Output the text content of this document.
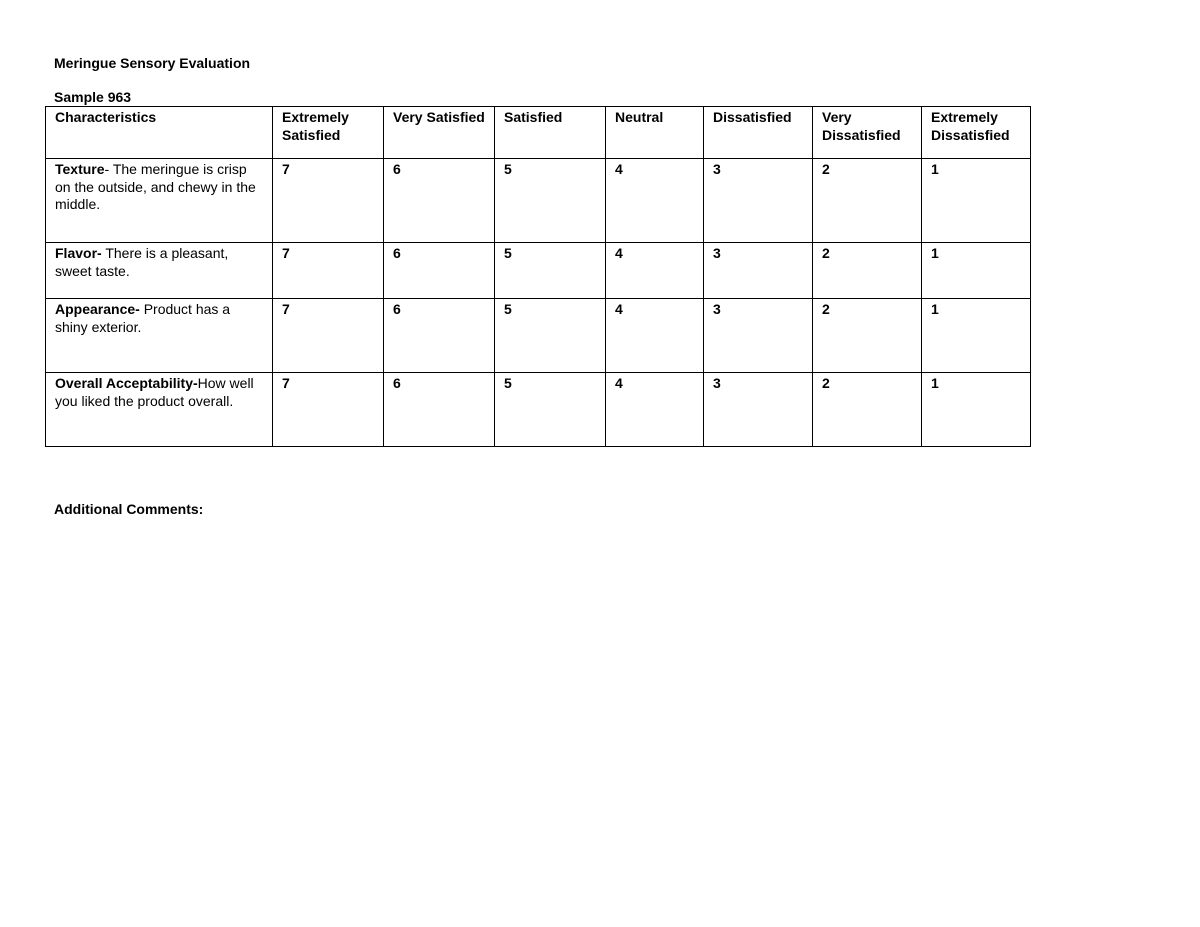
Meringue Sensory Evaluation
Sample 963
Characteristics	Extremely Satisfied	Very Satisfied	Satisfied	Neutral	Dissatisfied	Very Dissatisfied	Extremely Dissatisfied
Texture- The meringue is crisp on the outside, and chewy in the middle.	7	6	5	4	3	2	1
Flavor- There is a pleasant, sweet taste.	7	6	5	4	3	2	1
Appearance- Product has a shiny exterior.	7	6	5	4	3	2	1
Overall Acceptability-How well you liked the product overall.	7	6	5	4	3	2	1
Additional Comments:
